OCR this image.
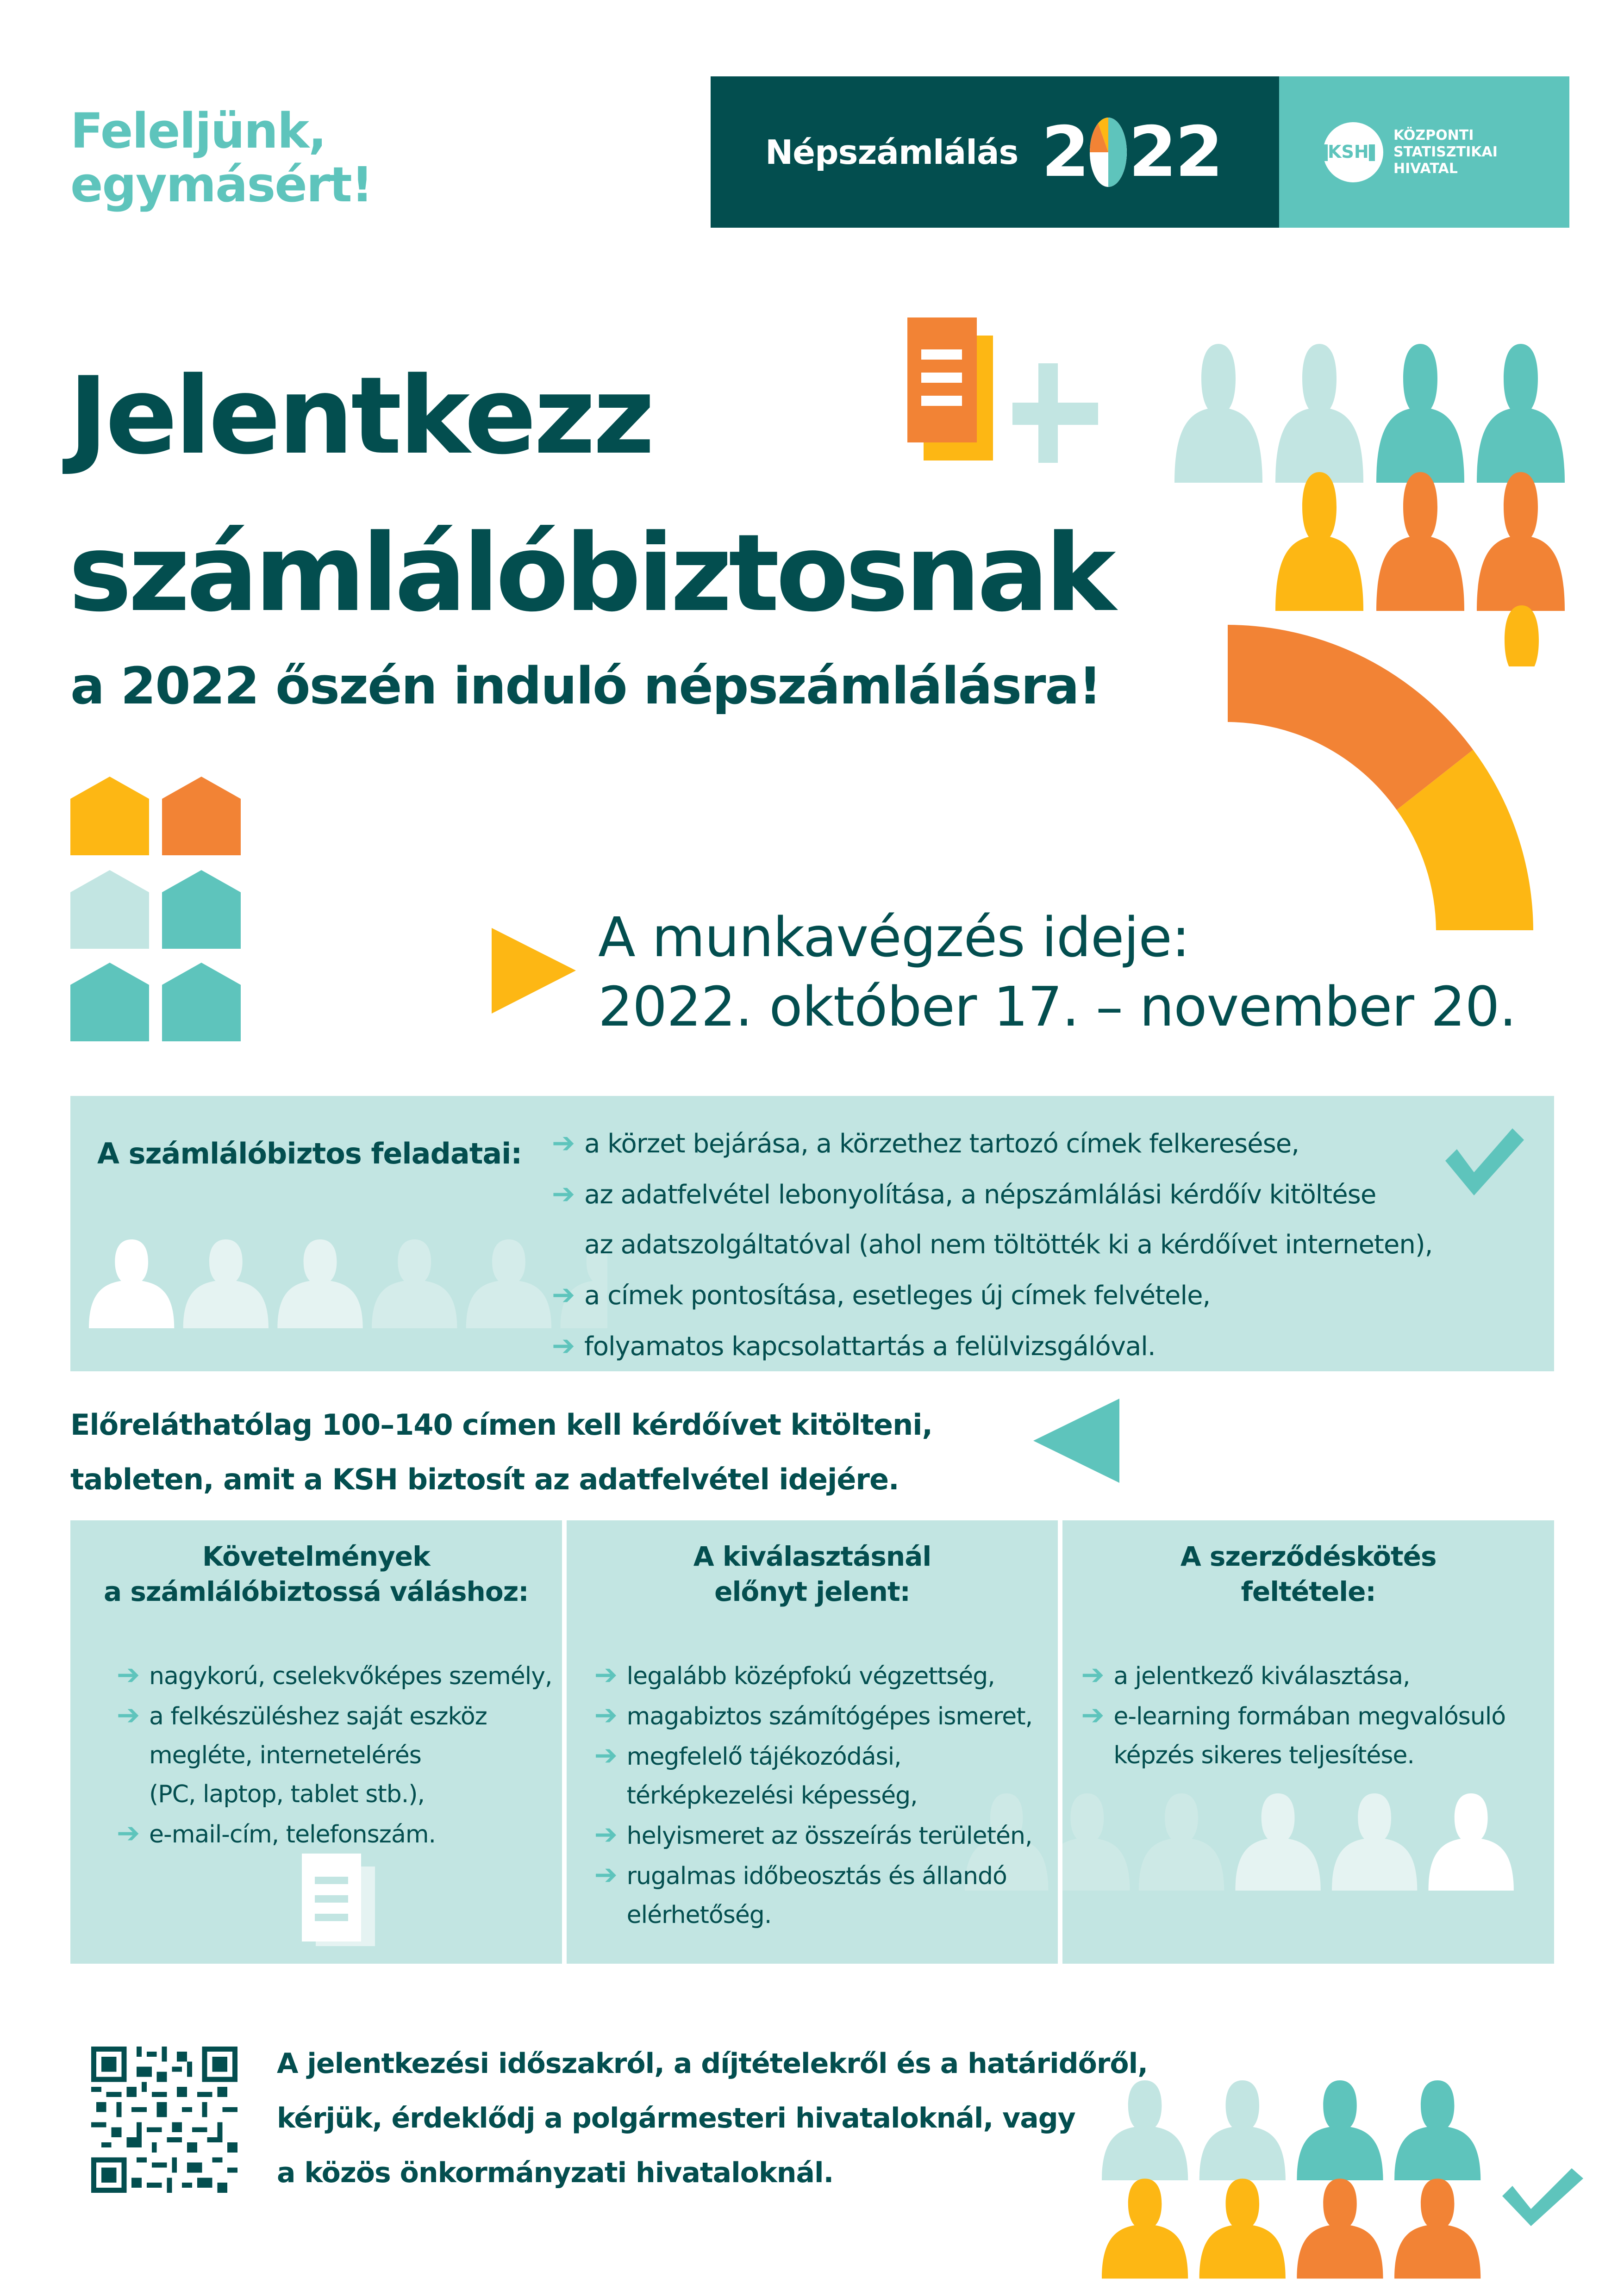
Feleljünk,
egymásért!
Népszámlálás 2 22	KSH
KÖZPONTI
STATISZTIKAI
HIVATAL
Jelentkezz
számlálóbiztosnak
a 2022 őszén induló népszámlálásra!
A munkavégzés ideje:
2022. október 17. – november 20.
A számlálóbiztos feladatai: ➔ a körzet bejárása, a körzethez tartozó címek felkeresése,
➔ az adatfelvétel lebonyolítása, a népszámlálási kérdőív kitöltése
az adatszolgáltatóval (ahol nem töltötték ki a kérdőívet interneten),
➔ a címek pontosítása, esetleges új címek felvétele,
➔ folyamatos kapcsolattartás a felülvizsgálóval.
Előreláthatólag 100–140 címen kell kérdőívet kitölteni,
tableten, amit a KSH biztosít az adatfelvétel idejére.
Követelmények
a számlálóbiztossá váláshoz:
➔ nagykorú, cselekvőképes személy,
➔ a felkészüléshez saját eszköz
megléte, internetelérés
(PC, laptop, tablet stb.),
➔ e-mail-cím, telefonszám.
A kiválasztásnál
előnyt jelent:
➔ legalább középfokú végzettség,
➔ magabiztos számítógépes ismeret,
➔ megfelelő tájékozódási,
térképkezelési képesség,
➔ helyismeret az összeírás területén,
➔ rugalmas időbeosztás és állandó
elérhetőség.
A szerződéskötés
feltétele:
➔ a jelentkező kiválasztása,
➔ e-learning formában megvalósuló
képzés sikeres teljesítése.
A jelentkezési időszakról, a díjtételekről és a határidőről,
kérjük, érdeklődj a polgármesteri hivataloknál, vagy
a közös önkormányzati hivataloknál.
